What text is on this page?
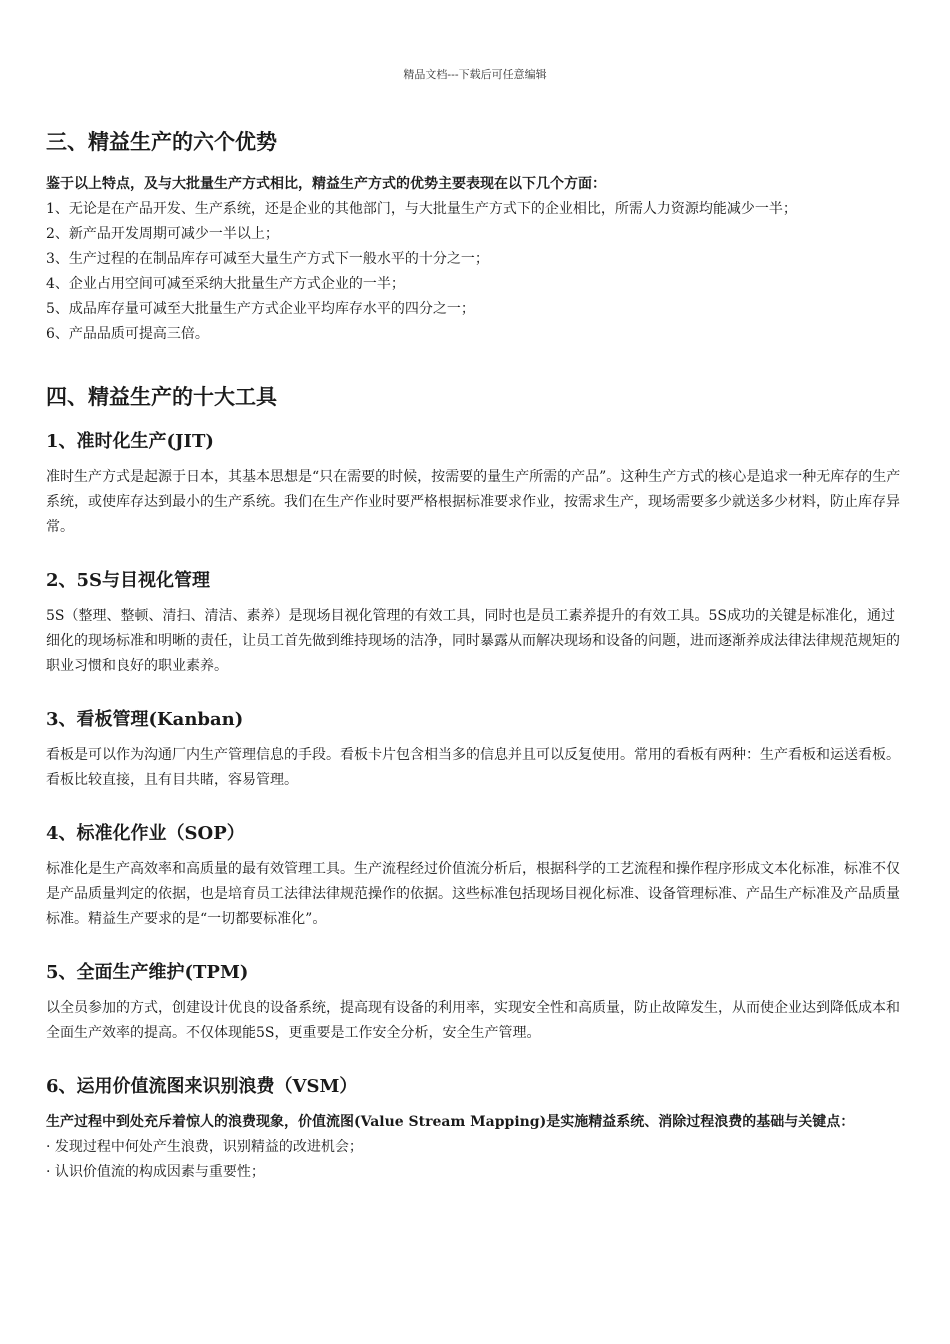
精品文档---下载后可任意编辑
三、精益生产的六个优势

鉴于以上特点，及与大批量生产方式相比，精益生产方式的优势主要表现在以下几个方面：

1、无论是在产品开发、生产系统，还是企业的其他部门，与大批量生产方式下的企业相比，所需人力资源均能减少一半；
2、新产品开发周期可减少一半以上；
3、生产过程的在制品库存可减至大量生产方式下一般水平的十分之一；
4、企业占用空间可减至采纳大批量生产方式企业的一半；
5、成品库存量可减至大批量生产方式企业平均库存水平的四分之一；
6、产品品质可提高三倍。
四、精益生产的十大工具
1、准时化生产(JIT)

准时生产方式是起源于日本，其基本思想是“只在需要的时候，按需要的量生产所需的产品”。这种生产方式的核心是追求一种无库存的生产系统，或使库存达到最小的生产系统。我们在生产作业时要严格根据标准要求作业，按需求生产，现场需要多少就送多少材料，防止库存异常。

2、5S与目视化管理

5S（整理、整顿、清扫、清洁、素养）是现场目视化管理的有效工具，同时也是员工素养提升的有效工具。5S成功的关键是标准化，通过细化的现场标准和明晰的责任，让员工首先做到维持现场的洁净，同时暴露从而解决现场和设备的问题，进而逐渐养成法律法律规范规矩的职业习惯和良好的职业素养。

3、看板管理(Kanban)

看板是可以作为沟通厂内生产管理信息的手段。看板卡片包含相当多的信息并且可以反复使用。常用的看板有两种：生产看板和运送看板。看板比较直接，且有目共睹，容易管理。

4、标准化作业（SOP）

标准化是生产高效率和高质量的最有效管理工具。生产流程经过价值流分析后，根据科学的工艺流程和操作程序形成文本化标准，标准不仅是产品质量判定的依据，也是培育员工法律法律规范操作的依据。这些标准包括现场目视化标准、设备管理标准、产品生产标准及产品质量标准。精益生产要求的是“一切都要标准化”。

5、全面生产维护(TPM)

以全员参加的方式，创建设计优良的设备系统，提高现有设备的利用率，实现安全性和高质量，防止故障发生，从而使企业达到降低成本和全面生产效率的提高。不仅体现能5S，更重要是工作安全分析，安全生产管理。

6、运用价值流图来识别浪费（VSM）

生产过程中到处充斥着惊人的浪费现象，价值流图(Value Stream Mapping)是实施精益系统、消除过程浪费的基础与关键点：

· 发现过程中何处产生浪费，识别精益的改进机会；
· 认识价值流的构成因素与重要性；
